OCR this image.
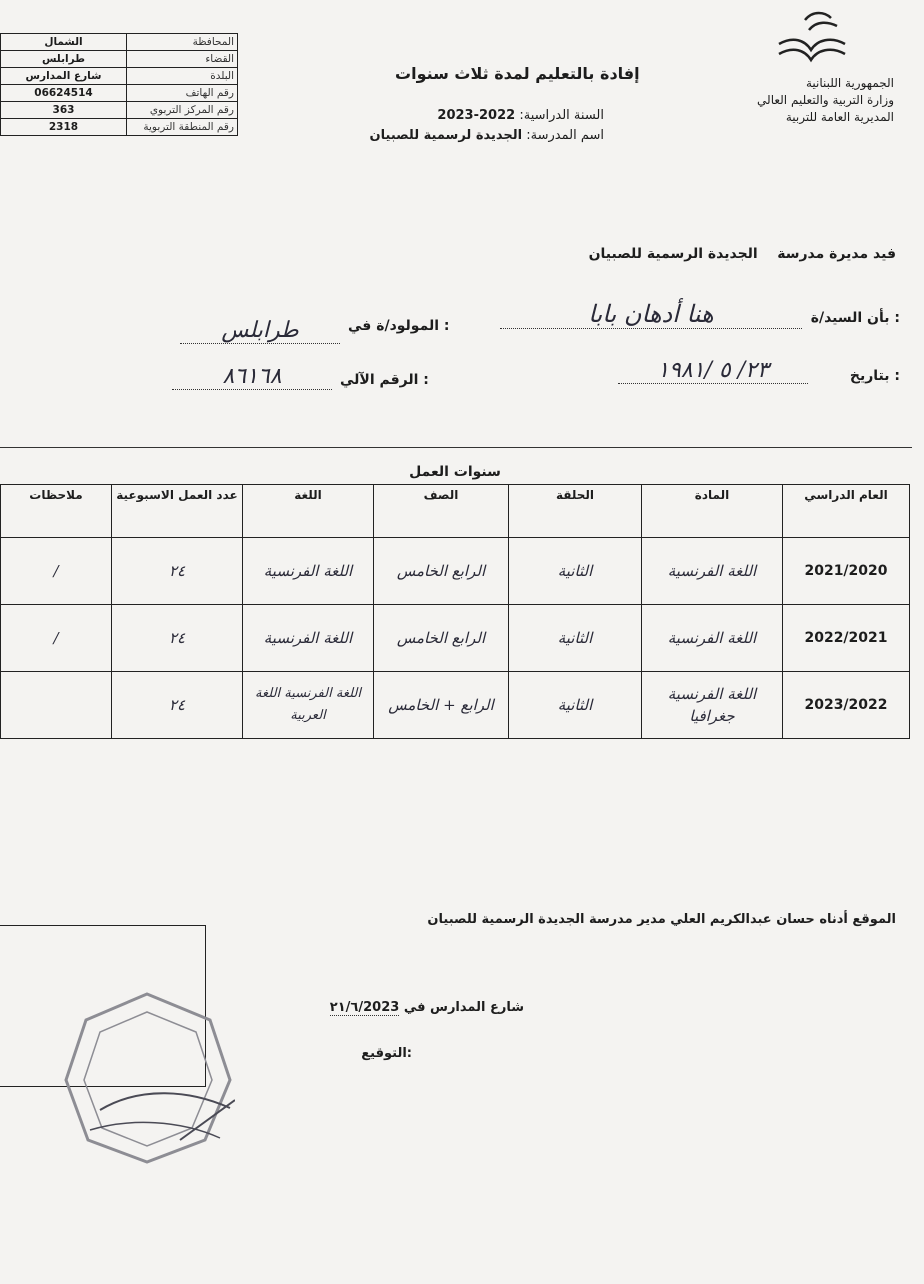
الشمال	المحافظة
طرابلس	القضاء
شارع المدارس	البلدة
06624514	رقم الهاتف
363	رقم المركز التربوي
2318	رقم المنطقة التربوية
الجمهورية اللبنانية
وزارة التربية والتعليم العالي
المديرية العامة للتربية
إفادة بالتعليم لمدة ثلاث سنوات
السنة الدراسية: 2022-2023
اسم المدرسة: الجديدة لرسمية للصبيان
فيد مديرة مدرسة    الجديدة الرسمية للصبيان
بأن السيد/ة :
هنا أدهان بابا
المولود/ة في :
طرابلس
بتاريخ :
٢٣/ ٥ /١٩٨١
الرقم الآلي :
٨٦١٦٨
سنوات العمل
العام الدراسي	المادة	الحلقة	الصف	اللغة	عدد العمل الاسبوعية	ملاحظات
2021/2020	اللغة الفرنسية	الثانية	الرابع الخامس	اللغة الفرنسية	٢٤	/
2022/2021	اللغة الفرنسية	الثانية	الرابع الخامس	اللغة الفرنسية	٢٤	/
2023/2022	اللغة الفرنسية جغرافيا	الثانية	الرابع + الخامس	اللغة الفرنسية اللغة العربية	٢٤	
الموقع أدناه حسان عبدالكريم العلي مدير مدرسة الجديدة الرسمية للصبيان
شارع المدارس في ٢١/٦/2023
التوقيع:
